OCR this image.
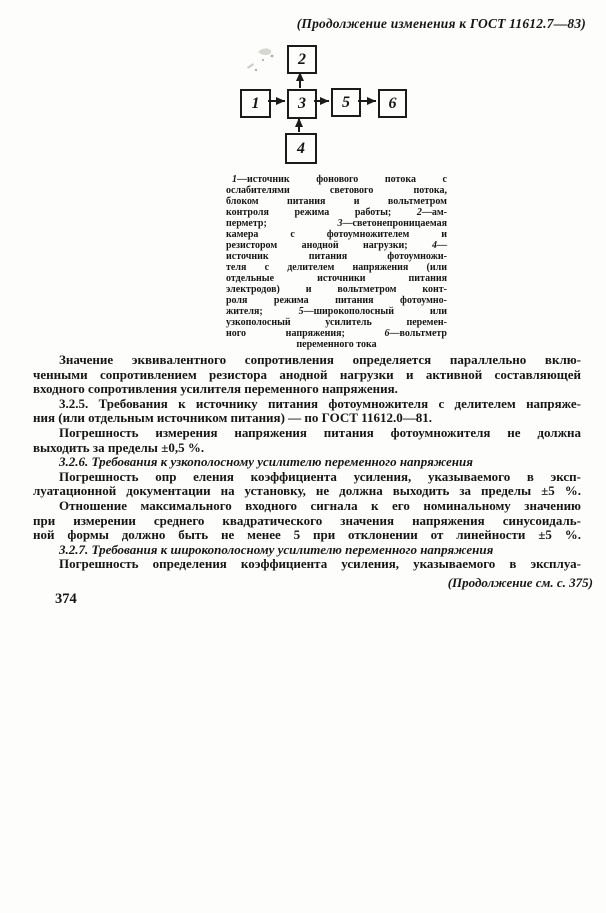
(Продолжение изменения к ГОСТ 11612.7—83)
1
2
3
4
5 6
1—источник фонового потока с
ослабителями светового потока,
блоком питания и вольтметром
контроля режима работы; 2—ам-
перметр; 3—светонепроницаемая
камера с фотоумножителем и
резистором анодной нагрузки; 4—
источник питания фотоумножи-
теля с делителем напряжения (или
отдельные источники питания
электродов) и вольтметром конт-
роля режима питания фотоумно-
жителя; 5—широкополосный или
узкополосный усилитель перемен-
ного напряжения; 6—вольтметр
переменного тока
Значение эквивалентного сопротивления определяется параллельно вклю-
ченными сопротивлением резистора анодной нагрузки и активной составляющей
входного сопротивления усилителя переменного напряжения.
3.2.5. Требования к источнику питания фотоумножителя с делителем напряже-
ния (или отдельным источником питания) — по ГОСТ 11612.0—81.
Погрешность измерения напряжения питания фотоумножителя не должна
выходить за пределы ±0,5 %.
3.2.6. Требования к узкополосному усилителю переменного напряжения
Погрешность опр еления коэффициента усиления, указываемого в эксп-
луатационной документации на установку, не должна выходить за пределы ±5 %.
Отношение максимального входного сигнала к его номинальному значению
при измерении среднего квадратического значения напряжения синусоидаль-
ной формы должно быть не менее 5 при отклонении от линейности ±5 %.
3.2.7. Требования к широкополосному усилителю переменного напряжения
Погрешность определения коэффициента усиления, указываемого в эксплуа-
(Продолжение см. с. 375)
374
